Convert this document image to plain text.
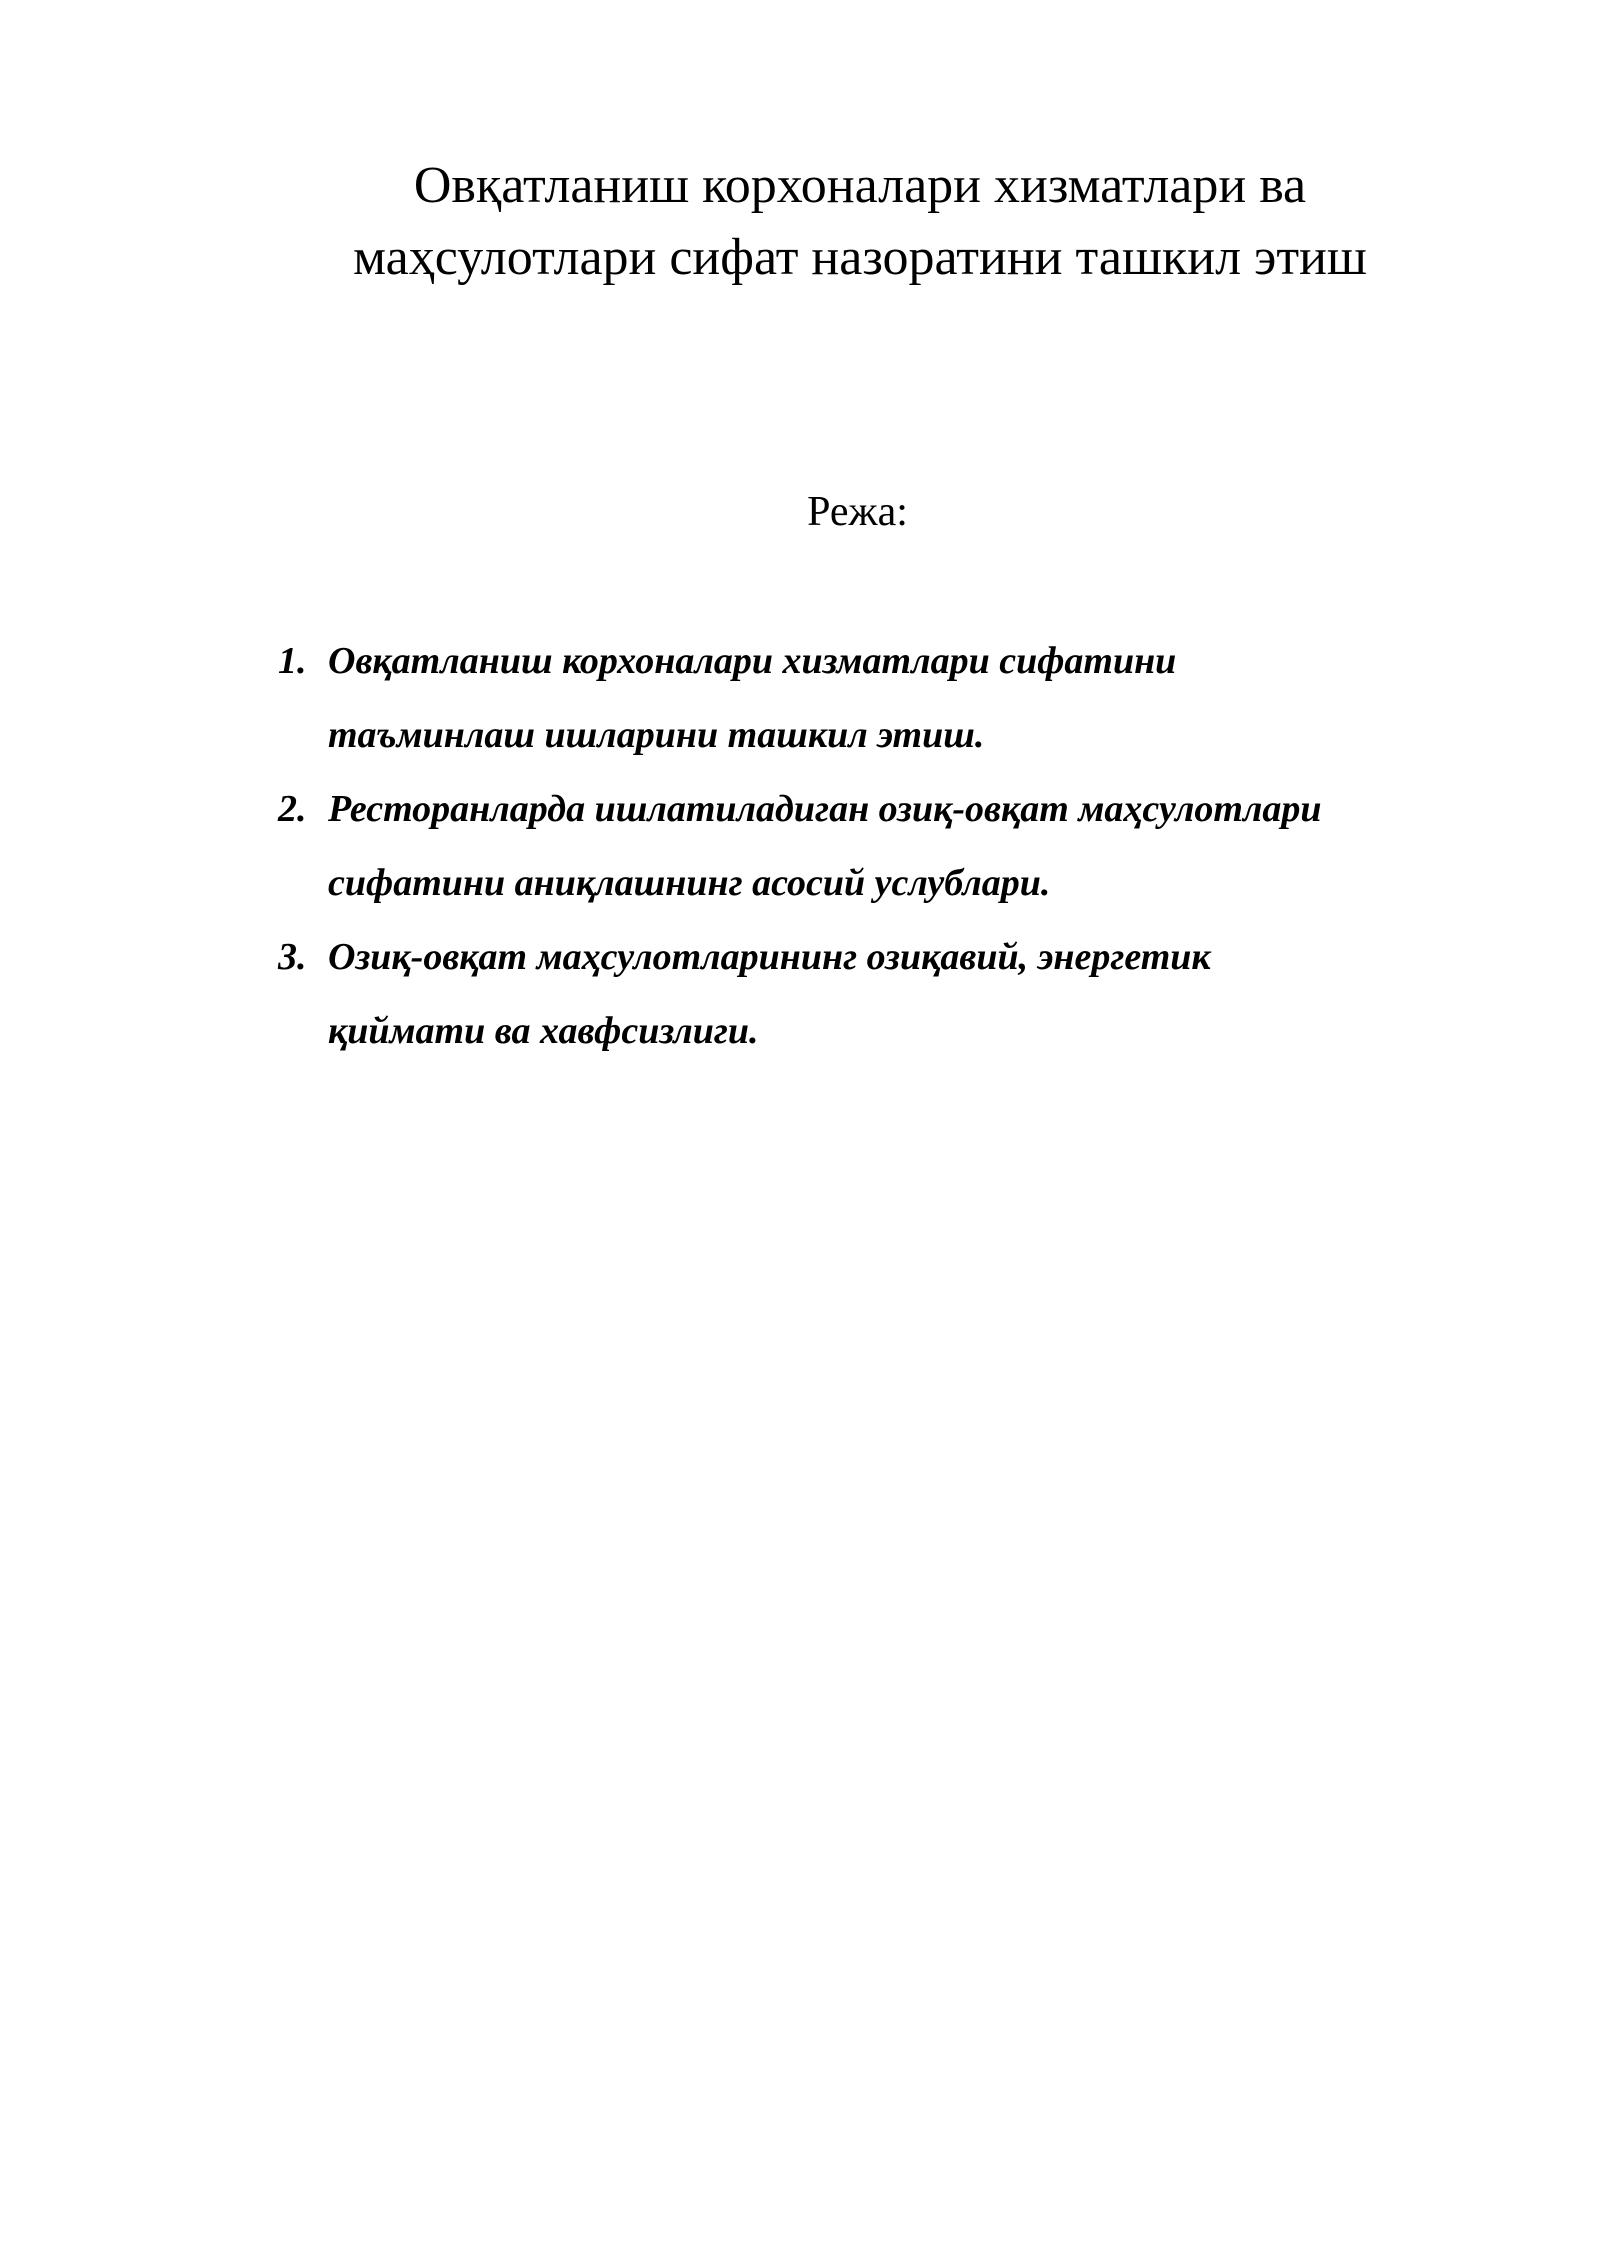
Овқатланиш корхоналари хизматлари ва
маҳсулотлари сифат назоратини ташкил этиш
Режа:
1. Овқатланиш корхоналари хизматлари сифатини
таъминлаш ишларини ташкил этиш.
2. Ресторанларда ишлатиладиган озиқ-овқат маҳсулотлари
сифатини аниқлашнинг асосий услублари.
3. Озиқ-овқат маҳсулотларининг озиқавий, энергетик
қиймати ва хавфсизлиги.
